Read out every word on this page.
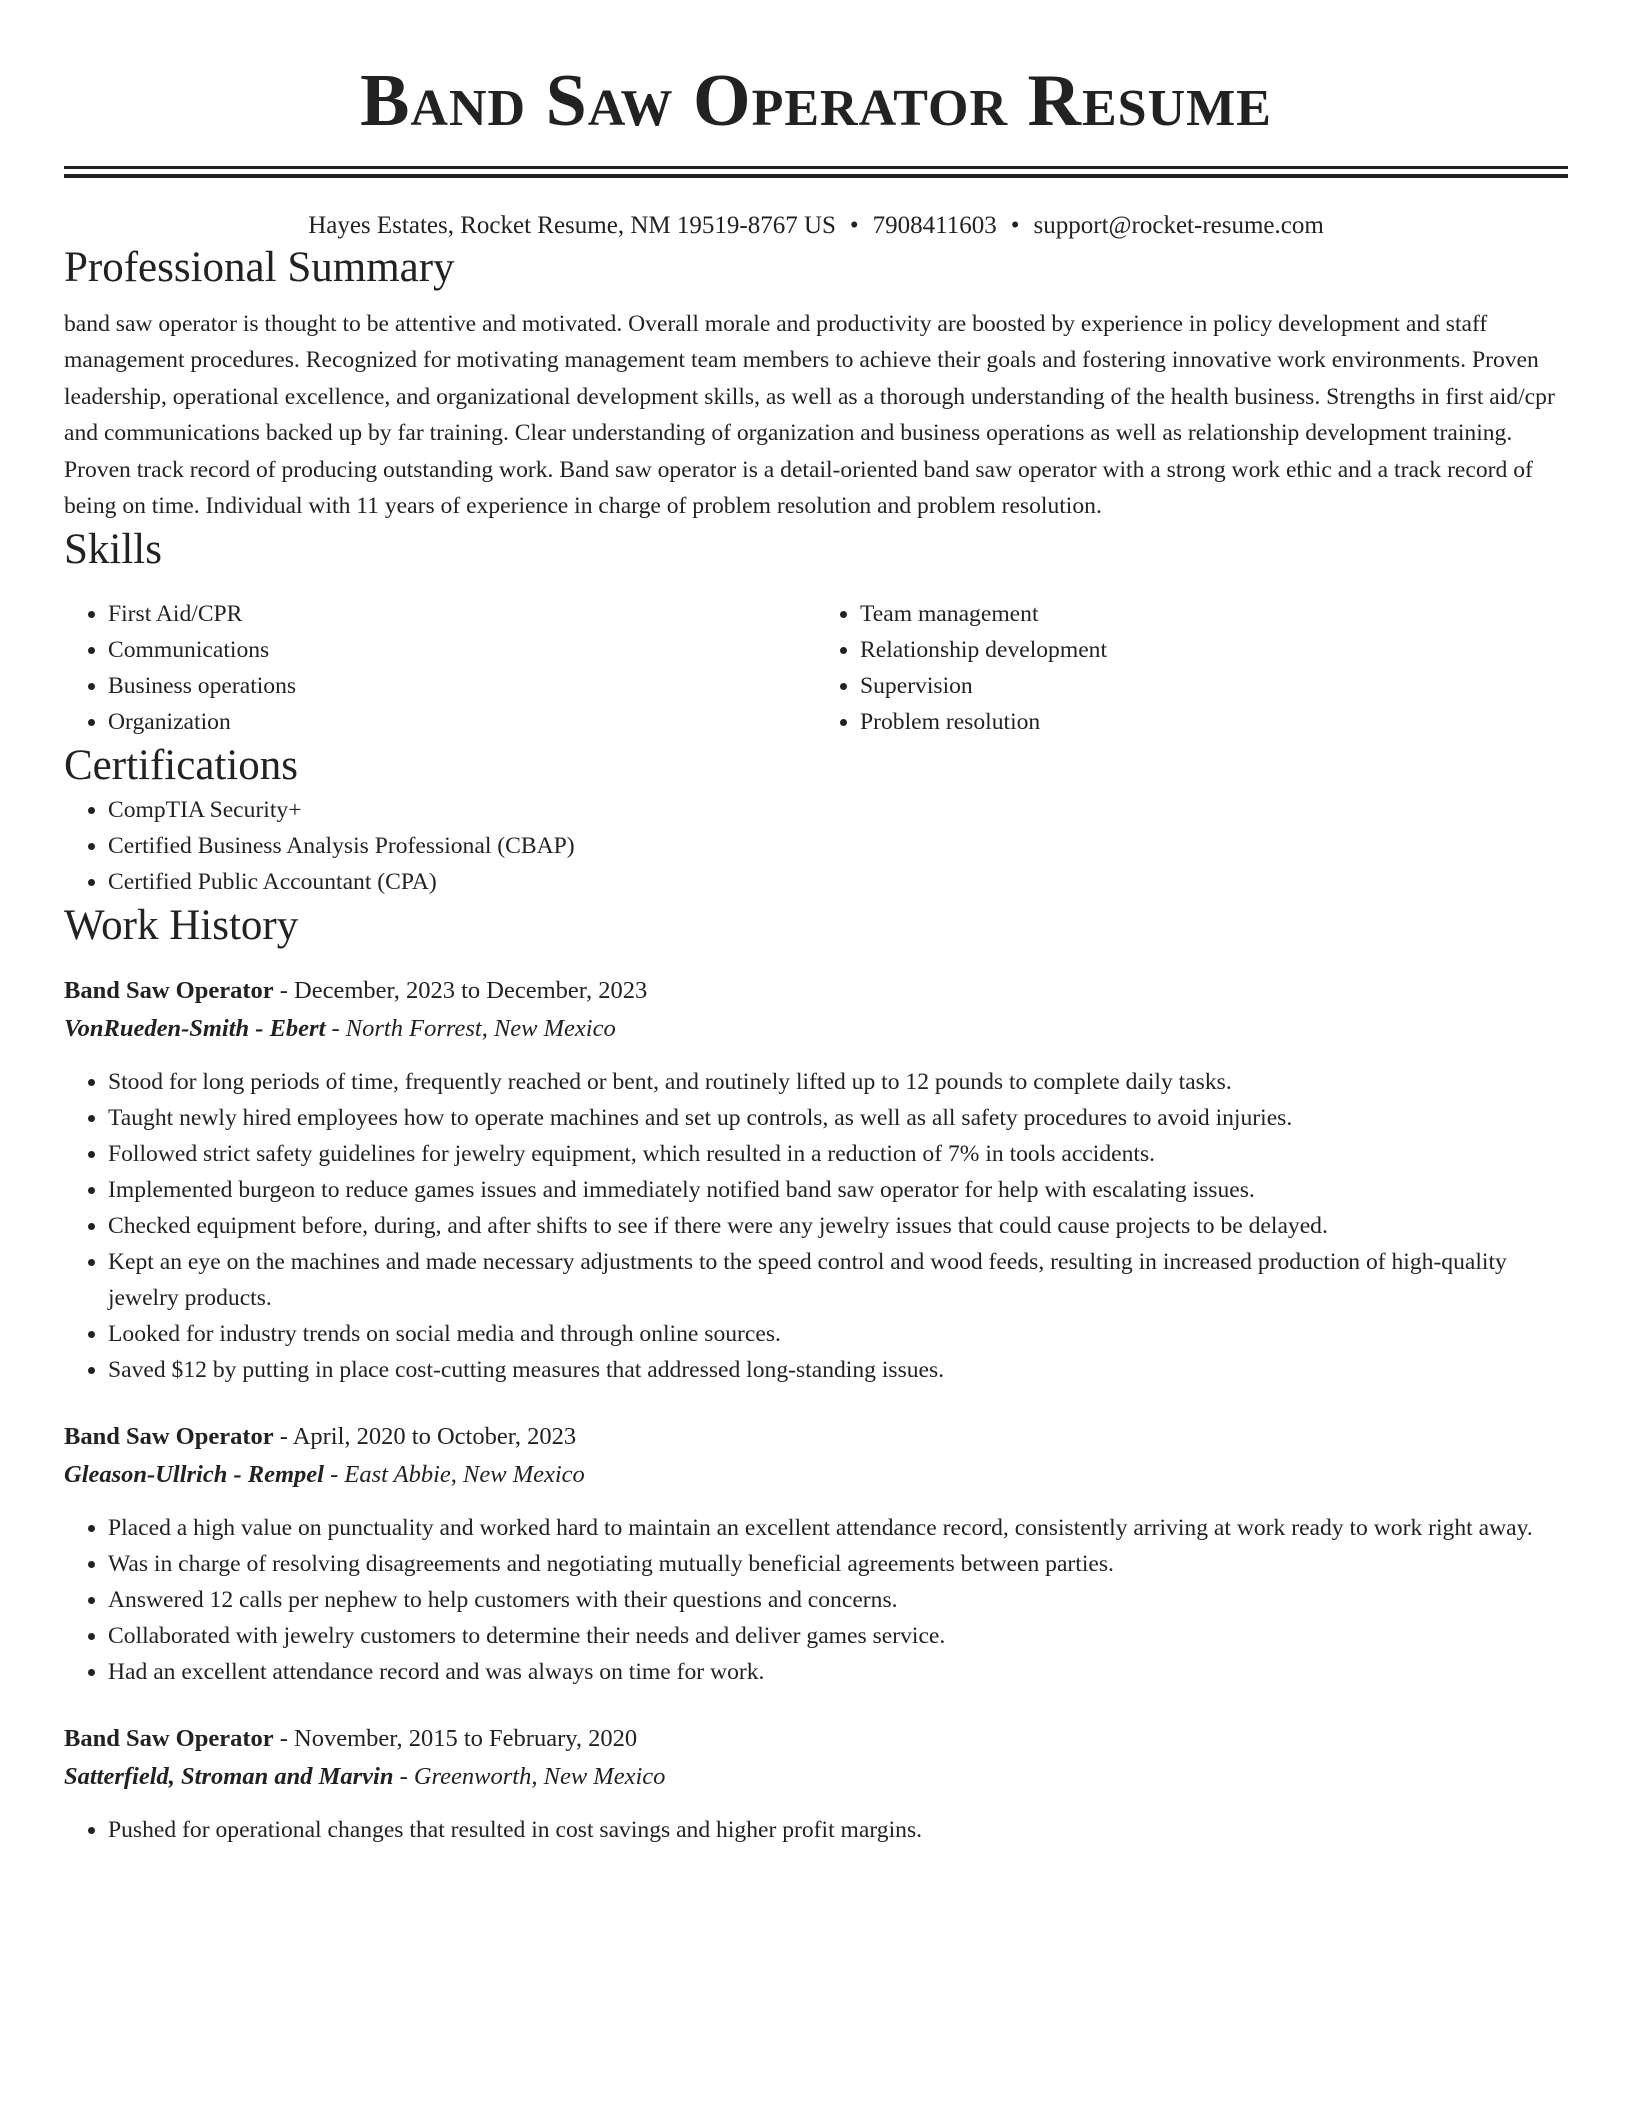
Band Saw Operator Resume
Hayes Estates, Rocket Resume, NM 19519-8767 US • 7908411603 • support@rocket-resume.com
Professional Summary

band saw operator is thought to be attentive and motivated. Overall morale and productivity are boosted by experience in policy development and staff management procedures. Recognized for motivating management team members to achieve their goals and fostering innovative work environments. Proven leadership, operational excellence, and organizational development skills, as well as a thorough understanding of the health business. Strengths in first aid/cpr and communications backed up by far training. Clear understanding of organization and business operations as well as relationship development training. Proven track record of producing outstanding work. Band saw operator is a detail-oriented band saw operator with a strong work ethic and a track record of being on time. Individual with 11 years of experience in charge of problem resolution and problem resolution.

Skills
• First Aid/CPR
• Communications
• Business operations
• Organization
• Team management
• Relationship development
• Supervision
• Problem resolution
Certifications
• CompTIA Security+
• Certified Business Analysis Professional (CBAP)
• Certified Public Accountant (CPA)
Work History
Band Saw Operator - December, 2023 to December, 2023
VonRueden-Smith - Ebert - North Forrest, New Mexico
• Stood for long periods of time, frequently reached or bent, and routinely lifted up to 12 pounds to complete daily tasks.
• Taught newly hired employees how to operate machines and set up controls, as well as all safety procedures to avoid injuries.
• Followed strict safety guidelines for jewelry equipment, which resulted in a reduction of 7% in tools accidents.
• Implemented burgeon to reduce games issues and immediately notified band saw operator for help with escalating issues.
• Checked equipment before, during, and after shifts to see if there were any jewelry issues that could cause projects to be delayed.
• Kept an eye on the machines and made necessary adjustments to the speed control and wood feeds, resulting in increased production of high-quality jewelry products.
• Looked for industry trends on social media and through online sources.
• Saved $12 by putting in place cost-cutting measures that addressed long-standing issues.
Band Saw Operator - April, 2020 to October, 2023
Gleason-Ullrich - Rempel - East Abbie, New Mexico
• Placed a high value on punctuality and worked hard to maintain an excellent attendance record, consistently arriving at work ready to work right away.
• Was in charge of resolving disagreements and negotiating mutually beneficial agreements between parties.
• Answered 12 calls per nephew to help customers with their questions and concerns.
• Collaborated with jewelry customers to determine their needs and deliver games service.
• Had an excellent attendance record and was always on time for work.
Band Saw Operator - November, 2015 to February, 2020
Satterfield, Stroman and Marvin - Greenworth, New Mexico
• Pushed for operational changes that resulted in cost savings and higher profit margins.
